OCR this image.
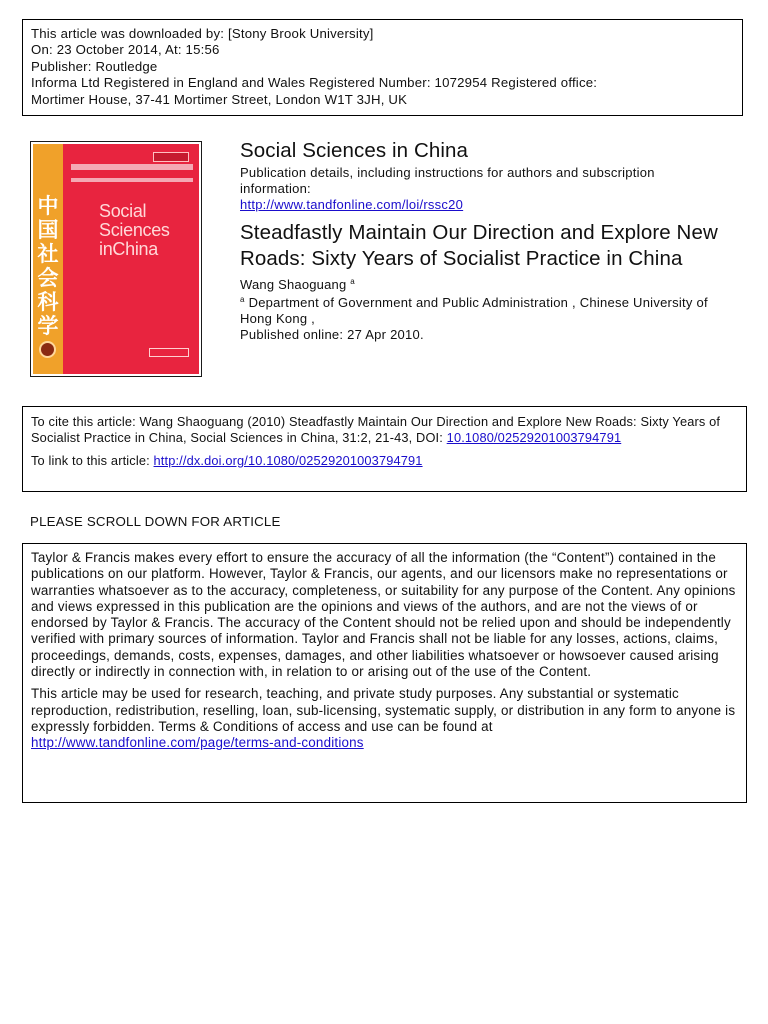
This article was downloaded by: [Stony Brook University]
On: 23 October 2014, At: 15:56
Publisher: Routledge
Informa Ltd Registered in England and Wales Registered Number: 1072954 Registered office:
Mortimer House, 37-41 Mortimer Street, London W1T 3JH, UK
中
国
社
会
科
学
Social
Sciences
inChina
Social Sciences in China
Publication details, including instructions for authors and subscription information:
http://www.tandfonline.com/loi/rssc20
Steadfastly Maintain Our Direction and Explore New Roads: Sixty Years of Socialist Practice in China
Wang Shaoguang $^a$
$^a$ Department of Government and Public Administration , Chinese University of Hong Kong ,
Published online: 27 Apr 2010.
To cite this article: Wang Shaoguang (2010) Steadfastly Maintain Our Direction and Explore New Roads: Sixty Years of Socialist Practice in China, Social Sciences in China, 31:2, 21-43, DOI: 10.1080/02529201003794791
To link to this article: http://dx.doi.org/10.1080/02529201003794791
PLEASE SCROLL DOWN FOR ARTICLE

Taylor & Francis makes every effort to ensure the accuracy of all the information (the “Content”) contained in the publications on our platform. However, Taylor & Francis, our agents, and our licensors make no representations or warranties whatsoever as to the accuracy, completeness, or suitability for any purpose of the Content. Any opinions and views expressed in this publication are the opinions and views of the authors, and are not the views of or endorsed by Taylor & Francis. The accuracy of the Content should not be relied upon and should be independently verified with primary sources of information. Taylor and Francis shall not be liable for any losses, actions, claims, proceedings, demands, costs, expenses, damages, and other liabilities whatsoever or howsoever caused arising directly or indirectly in connection with, in relation to or arising out of the use of the Content.

This article may be used for research, teaching, and private study purposes. Any substantial or systematic reproduction, redistribution, reselling, loan, sub-licensing, systematic supply, or distribution in any form to anyone is expressly forbidden. Terms & Conditions of access and use can be found at http://www.tandfonline.com/page/terms-and-conditions
